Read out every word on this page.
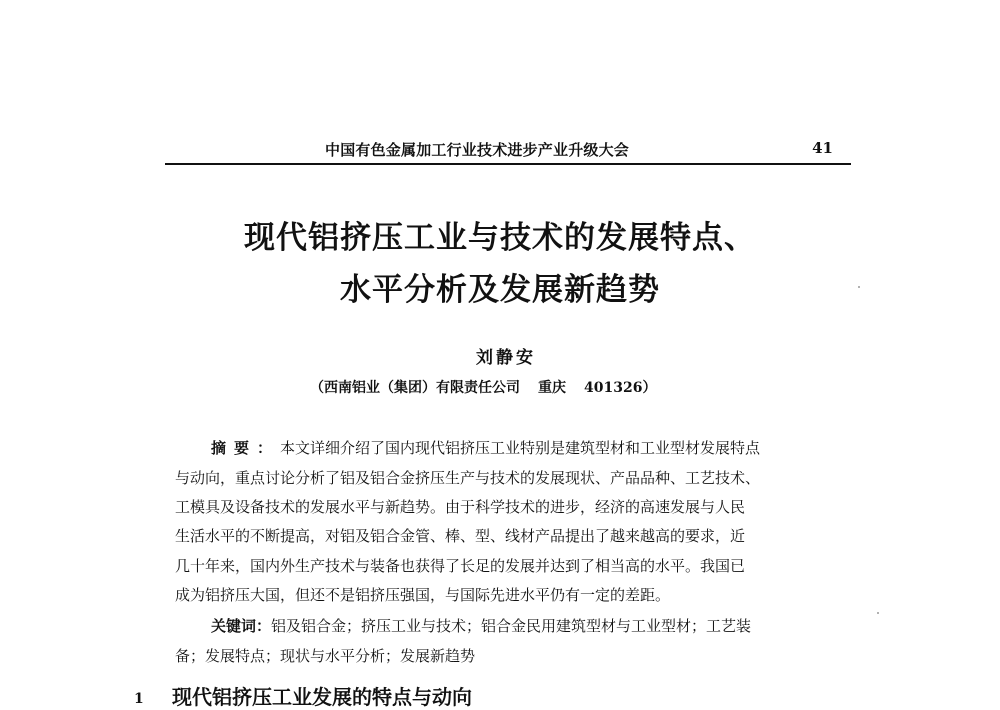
中国有色金属加工行业技术进步产业升级大会	41
现代铝挤压工业与技术的发展特点、
水平分析及发展新趋势
刘静安
（西南铝业（集团）有限责任公司 重庆 401326）
摘要：本文详细介绍了国内现代铝挤压工业特别是建筑型材和工业型材发展特点
与动向，重点讨论分析了铝及铝合金挤压生产与技术的发展现状、产品品种、工艺技术、
工模具及设备技术的发展水平与新趋势。由于科学技术的进步，经济的高速发展与人民
生活水平的不断提高，对铝及铝合金管、棒、型、线材产品提出了越来越高的要求，近
几十年来，国内外生产技术与装备也获得了长足的发展并达到了相当高的水平。我国已
成为铝挤压大国，但还不是铝挤压强国，与国际先进水平仍有一定的差距。
关键词：铝及铝合金；挤压工业与技术；铝合金民用建筑型材与工业型材；工艺装
备；发展特点；现状与水平分析；发展新趋势
1 现代铝挤压工业发展的特点与动向
